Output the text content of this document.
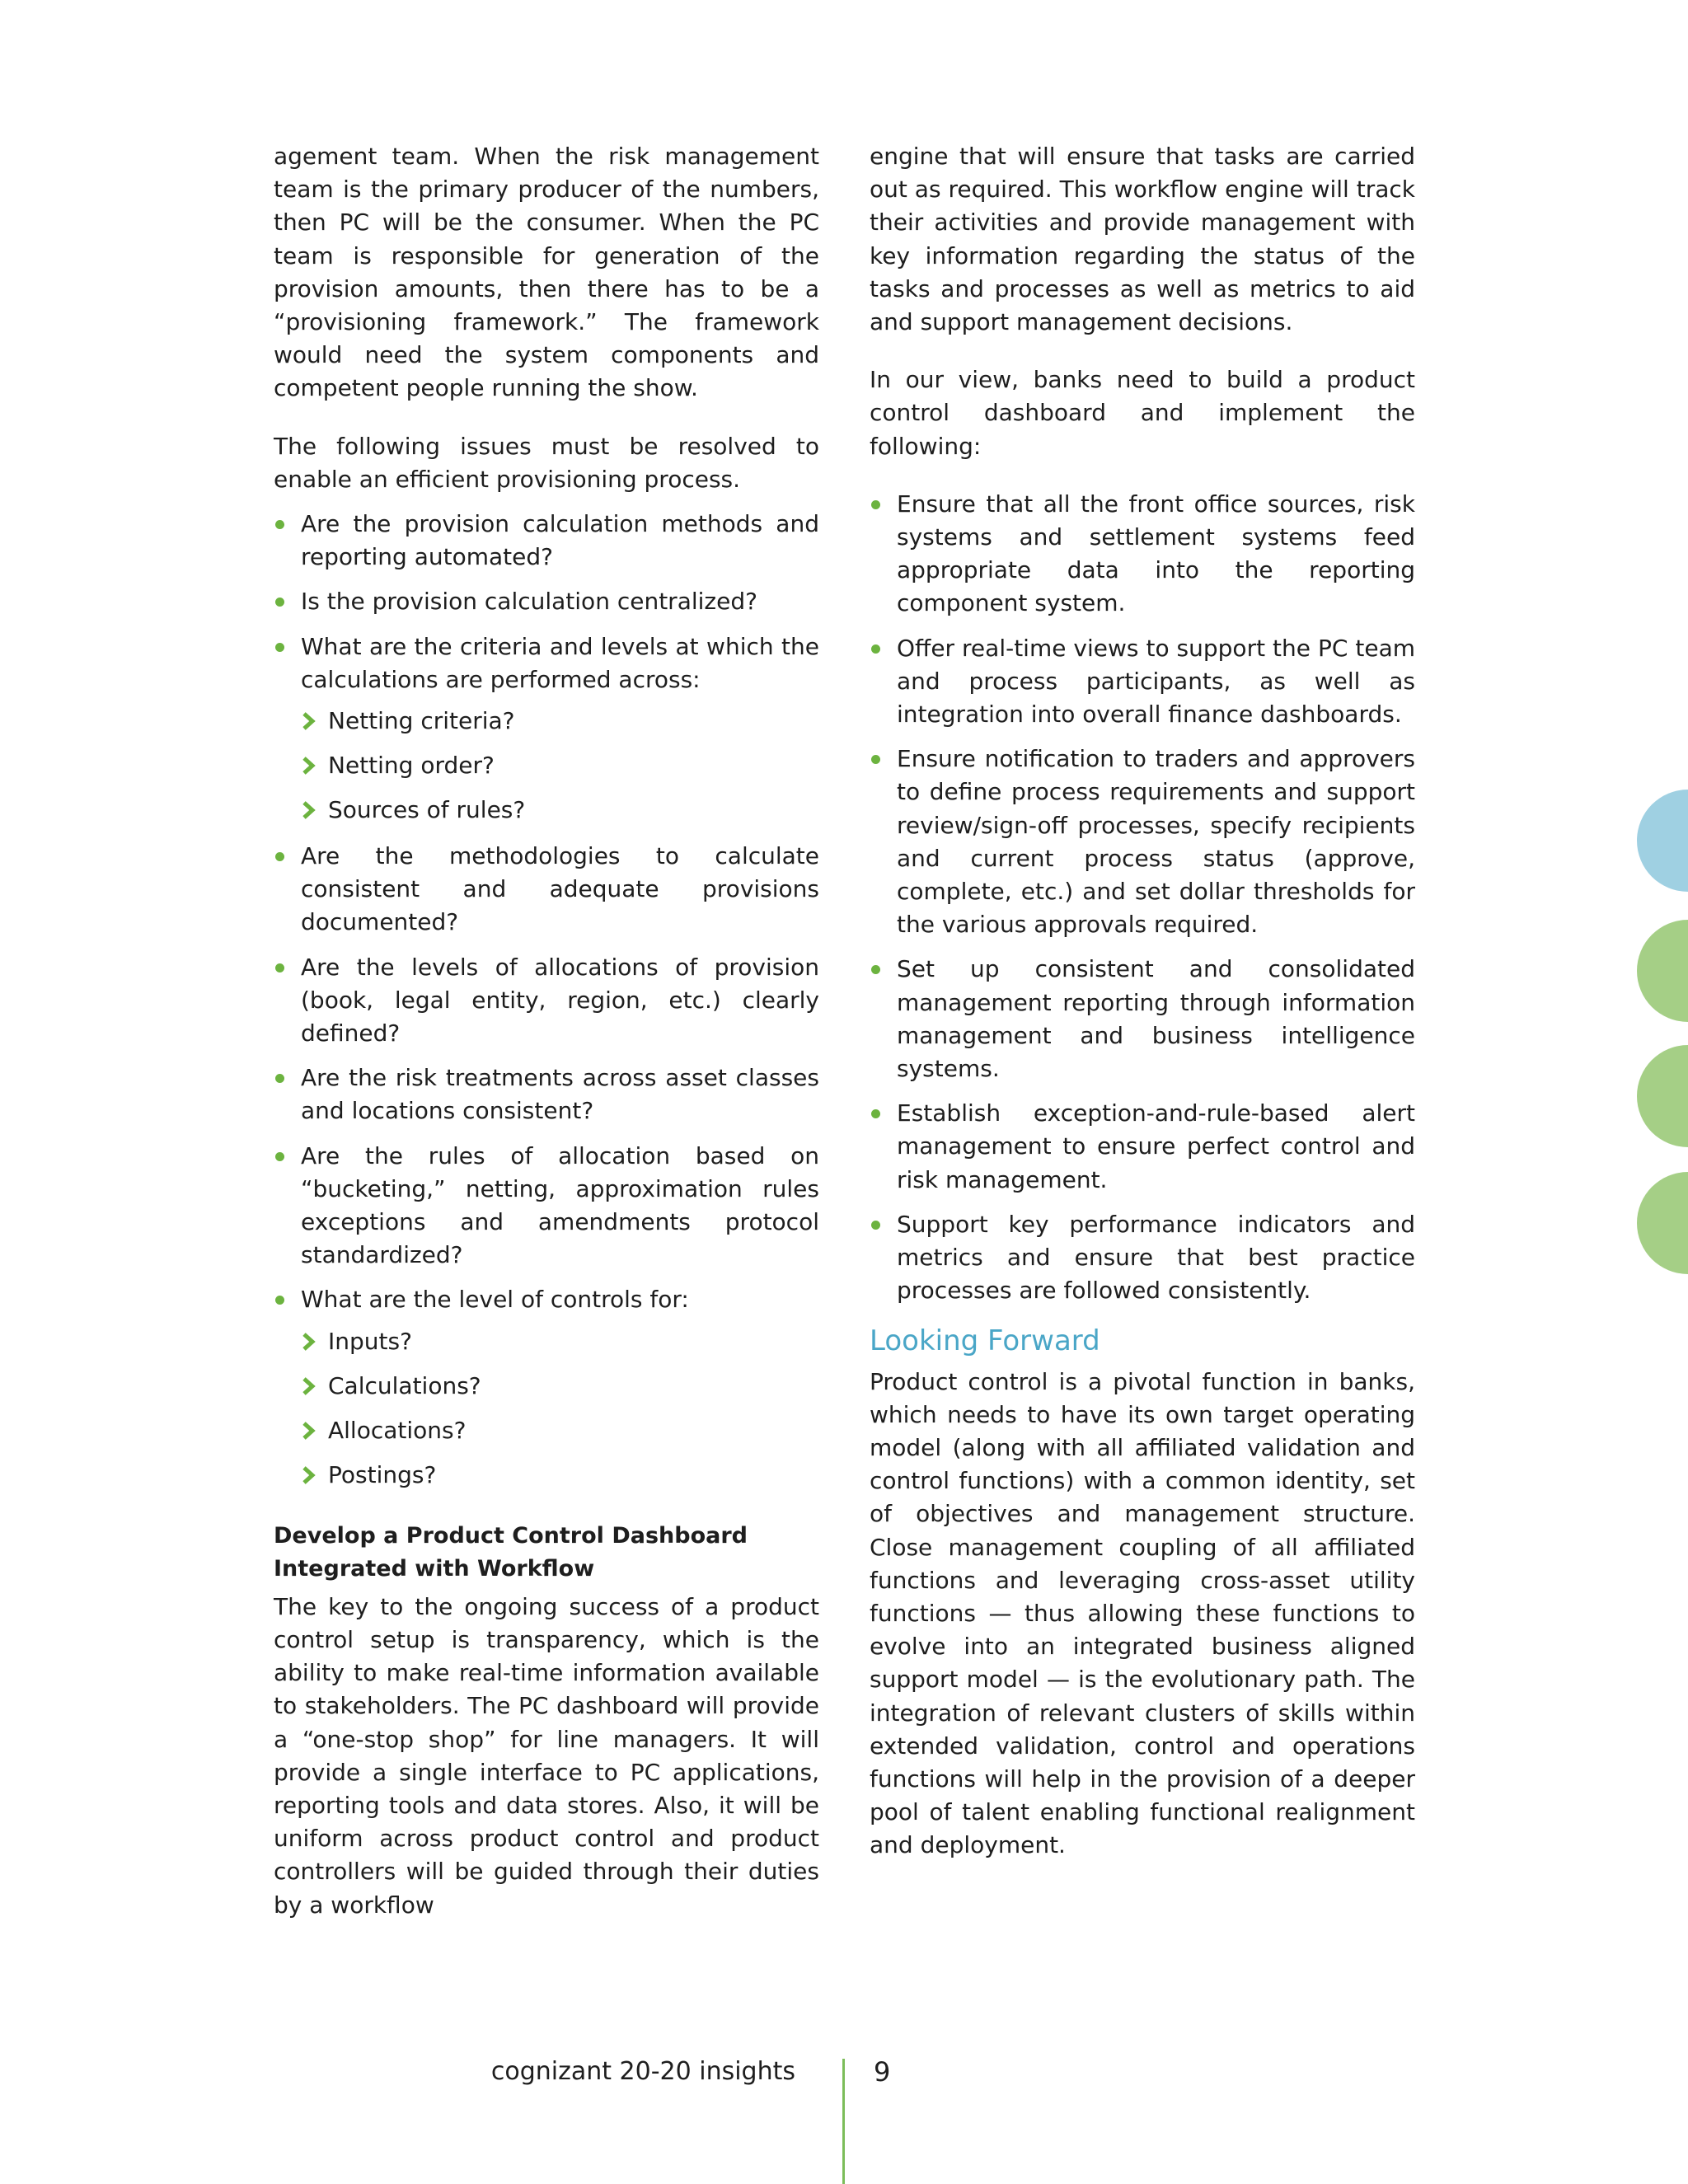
agement team. When the risk management team is the primary producer of the numbers, then PC will be the consumer. When the PC team is responsible for generation of the provision amounts, then there has to be a “provisioning framework.” The framework would need the system components and competent people running the show.

The following issues must be resolved to enable an efficient provisioning process.

Are the provision calculation methods and reporting automated?
Is the provision calculation centralized?
What are the criteria and levels at which the calculations are performed across:
Netting criteria?
Netting order?
Sources of rules?
Are the methodologies to calculate consistent and adequate provisions documented?
Are the levels of allocations of provision (book, legal entity, region, etc.) clearly defined?
Are the risk treatments across asset classes and locations consistent?
Are the rules of allocation based on “bucketing,” netting, approximation rules exceptions and amendments protocol standardized?
What are the level of controls for:
Inputs?
Calculations?
Allocations?
Postings?
Develop a Product Control Dashboard
Integrated with Workflow

The key to the ongoing success of a product control setup is transparency, which is the ability to make real-time information available to stakeholders. The PC dashboard will provide a “one-stop shop” for line managers. It will provide a single interface to PC applications, reporting tools and data stores. Also, it will be uniform across product control and product controllers will be guided through their duties by a workflow

engine that will ensure that tasks are carried out as required. This workflow engine will track their activities and provide management with key information regarding the status of the tasks and processes as well as metrics to aid and support management decisions.

In our view, banks need to build a product control dashboard and implement the following:

Ensure that all the front office sources, risk systems and settlement systems feed appropriate data into the reporting component system.
Offer real-time views to support the PC team and process participants, as well as integration into overall finance dashboards.
Ensure notification to traders and approvers to define process requirements and support review/sign-off processes, specify recipients and current process status (approve, complete, etc.) and set dollar thresholds for the various approvals required.
Set up consistent and consolidated management reporting through information management and business intelligence systems.
Establish exception-and-rule-based alert management to ensure perfect control and risk management.
Support key performance indicators and metrics and ensure that best practice processes are followed consistently.
Looking Forward

Product control is a pivotal function in banks, which needs to have its own target operating model (along with all affiliated validation and control functions) with a common identity, set of objectives and management structure. Close management coupling of all affiliated functions and leveraging cross-asset utility functions — thus allowing these functions to evolve into an integrated business aligned support model — is the evolutionary path. The integration of relevant clusters of skills within extended validation, control and operations functions will help in the provision of a deeper pool of talent enabling functional realignment and deployment.

cognizant 20-20 insights	9
